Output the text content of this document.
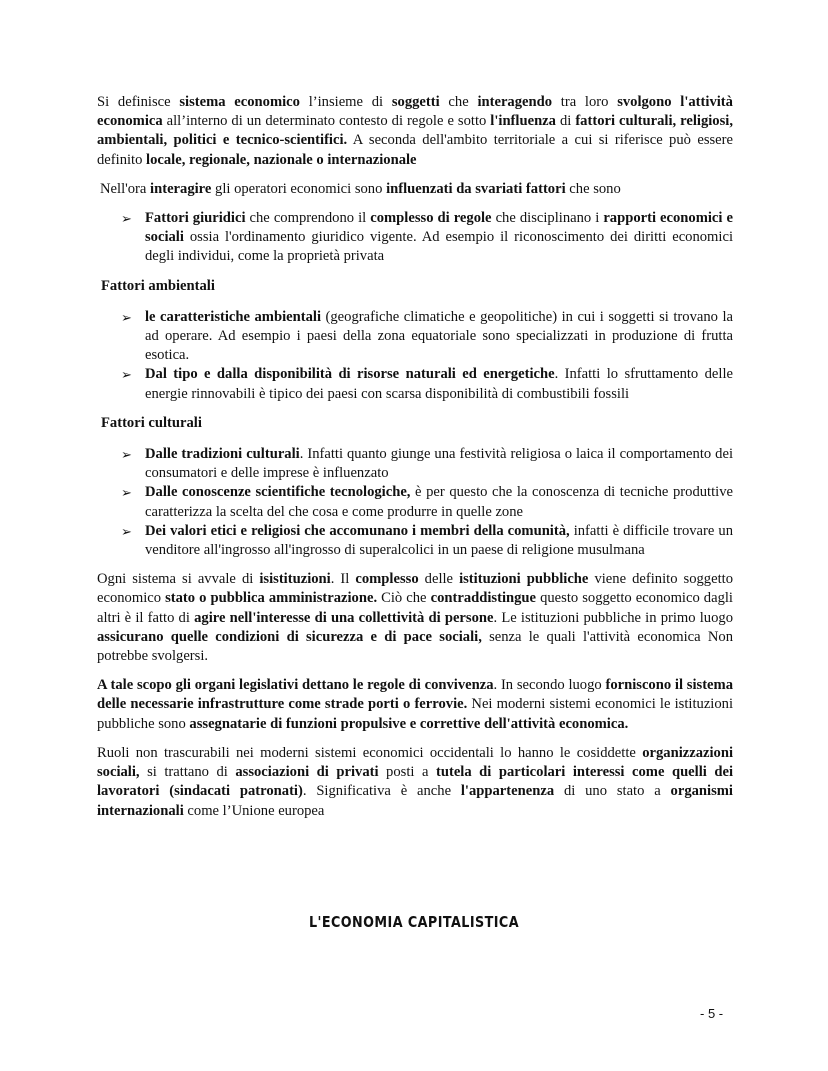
Si definisce sistema economico l’insieme di soggetti che interagendo tra loro svolgono l'attività economica all’interno di un determinato contesto di regole e sotto l'influenza di fattori culturali, religiosi, ambientali, politici e tecnico-scientifici. A seconda dell'ambito territoriale a cui si riferisce può essere definito locale, regionale, nazionale o internazionale
Nell'ora interagire gli operatori economici sono influenzati da svariati fattori che sono
➢ Fattori giuridici che comprendono il complesso di regole che disciplinano i rapporti economici e sociali ossia l'ordinamento giuridico vigente. Ad esempio il riconoscimento dei diritti economici degli individui, come la proprietà privata
Fattori ambientali
➢ le caratteristiche ambientali (geografiche climatiche e geopolitiche) in cui i soggetti si trovano la ad operare. Ad esempio i paesi della zona equatoriale sono specializzati in produzione di frutta esotica.
➢ Dal tipo e dalla disponibilità di risorse naturali ed energetiche. Infatti lo sfruttamento delle energie rinnovabili è tipico dei paesi con scarsa disponibilità di combustibili fossili
Fattori culturali
➢ Dalle tradizioni culturali. Infatti quanto giunge una festività religiosa o laica il comportamento dei consumatori e delle imprese è influenzato
➢ Dalle conoscenze scientifiche tecnologiche, è per questo che la conoscenza di tecniche produttive caratterizza la scelta del che cosa e come produrre in quelle zone
➢ Dei valori etici e religiosi che accomunano i membri della comunità, infatti è difficile trovare un venditore all'ingrosso all'ingrosso di superalcolici in un paese di religione musulmana
Ogni sistema si avvale di isistituzioni. Il complesso delle istituzioni pubbliche viene definito soggetto economico stato o pubblica amministrazione. Ciò che contraddistingue questo soggetto economico dagli altri è il fatto di agire nell'interesse di una collettività di persone. Le istituzioni pubbliche in primo luogo assicurano quelle condizioni di sicurezza e di pace sociali, senza le quali l'attività economica Non potrebbe svolgersi.
A tale scopo gli organi legislativi dettano le regole di convivenza. In secondo luogo forniscono il sistema delle necessarie infrastrutture come strade porti o ferrovie. Nei moderni sistemi economici le istituzioni pubbliche sono assegnatarie di funzioni propulsive e correttive dell'attività economica.
Ruoli non trascurabili nei moderni sistemi economici occidentali lo hanno le cosiddette organizzazioni sociali, si trattano di associazioni di privati posti a tutela di particolari interessi come quelli dei lavoratori (sindacati patronati). Significativa è anche l'appartenenza di uno stato a organismi internazionali come l’Unione europea
L'ECONOMIA CAPITALISTICA
- 5 -
